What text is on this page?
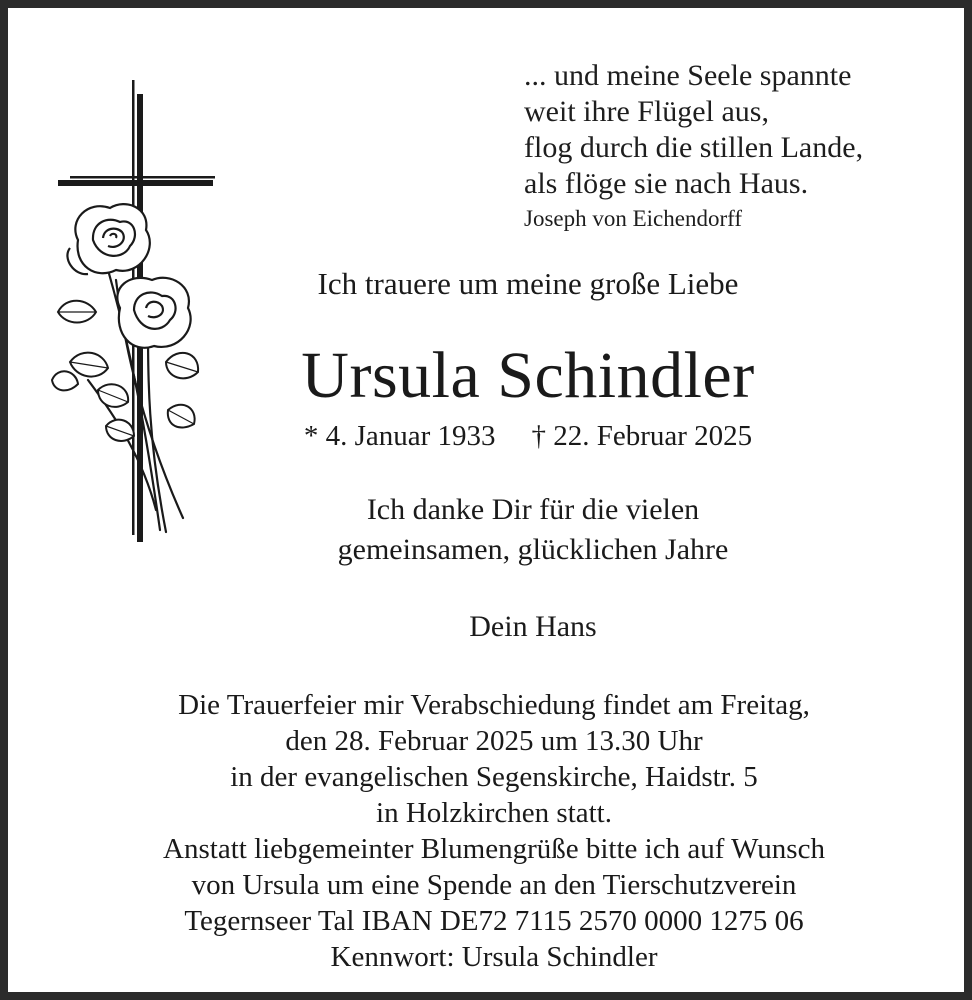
... und meine Seele spannte
weit ihre Flügel aus,
flog durch die stillen Lande,
als flöge sie nach Haus.
Joseph von Eichendorff
Ich trauere um meine große Liebe
Ursula Schindler
* 4. Januar 1933 † 22. Februar 2025
Ich danke Dir für die vielen
gemeinsamen, glücklichen Jahre
Dein Hans
Die Trauerfeier mir Verabschiedung findet am Freitag,
den 28. Februar 2025 um 13.30 Uhr
in der evangelischen Segenskirche, Haidstr. 5
in Holzkirchen statt.
Anstatt liebgemeinter Blumengrüße bitte ich auf Wunsch
von Ursula um eine Spende an den Tierschutzverein
Tegernseer Tal IBAN DE72 7115 2570 0000 1275 06
Kennwort: Ursula Schindler
